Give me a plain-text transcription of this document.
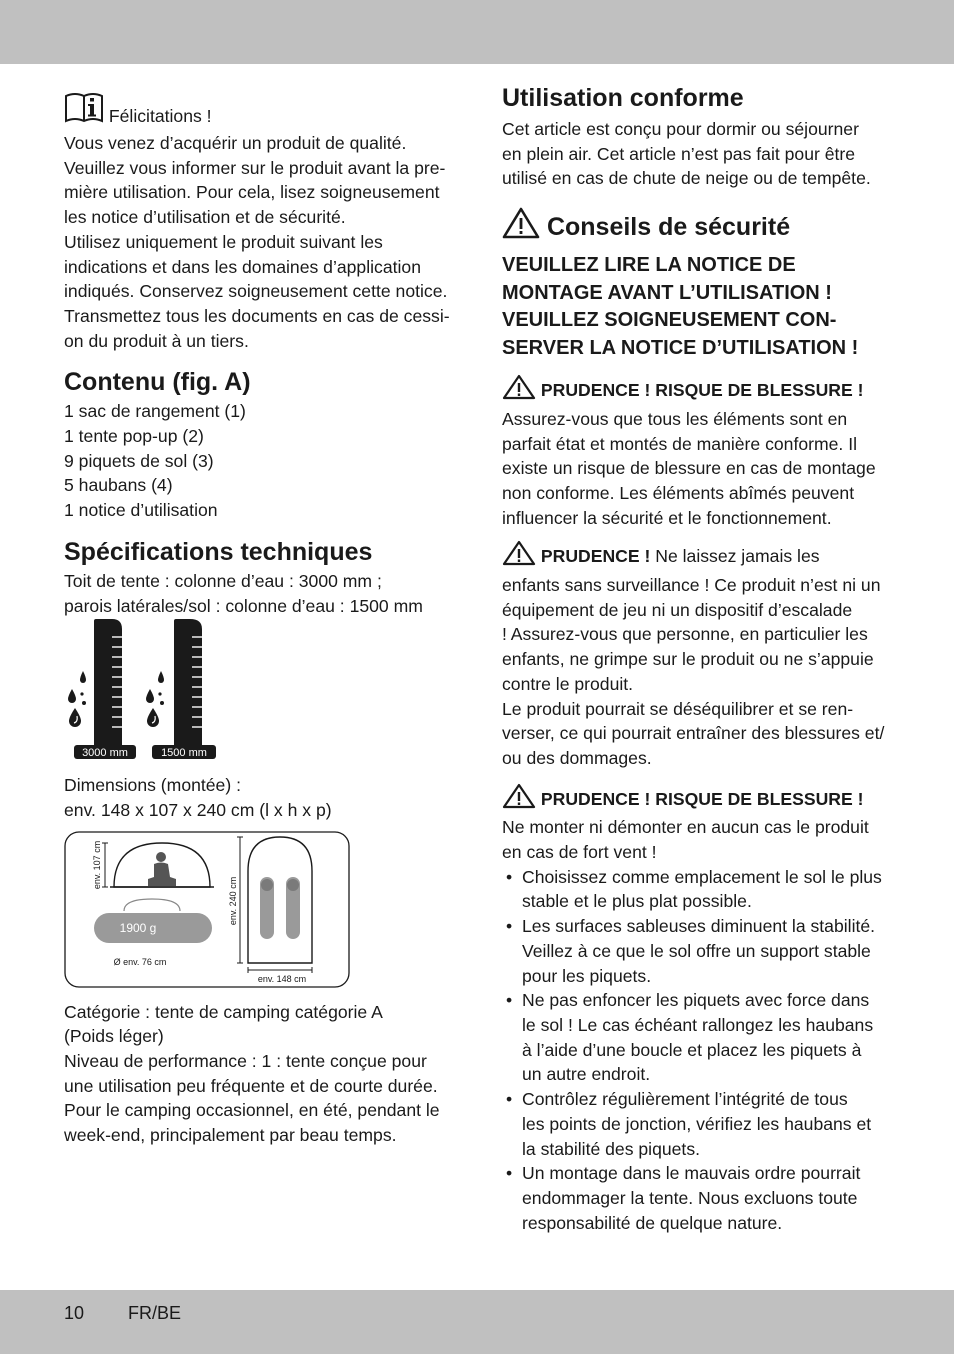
Félicitations !

Vous venez d’acquérir un produit de qualité.

Veuillez vous informer sur le produit avant la pre-

mière utilisation. Pour cela, lisez soigneusement

les notice d’utilisation et de sécurité.

Utilisez uniquement le produit suivant les

indications et dans les domaines d’application

indiqués. Conservez soigneusement cette notice.

Transmettez tous les documents en cas de cessi-

on du produit à un tiers.

Contenu (fig. A)

1 sac de rangement (1)

1 tente pop-up (2)

9 piquets de sol (3)

5 haubans (4)

1 notice d’utilisation

Spécifications techniques

Toit de tente : colonne d’eau : 3000 mm ;

parois latérales/sol : colonne d’eau : 1500 mm

3000 mm	1500 mm

Dimensions (montée) :

env. 148 x 107 x 240 cm (l x h x p)

env. 107 cm
1900 g
Ø env. 76 cm
env. 240 cm
env. 148 cm

Catégorie : tente de camping catégorie A

(Poids léger)

Niveau de performance : 1 : tente conçue pour

une utilisation peu fréquente et de courte durée.

Pour le camping occasionnel, en été, pendant le

week-end, principalement par beau temps.

Utilisation conforme

Cet article est conçu pour dormir ou séjourner

en plein air. Cet article n’est pas fait pour être

utilisé en cas de chute de neige ou de tempête.

Conseils de sécurité

VEUILLEZ LIRE LA NOTICE DE

MONTAGE AVANT L’UTILISATION !

VEUILLEZ SOIGNEUSEMENT CON-

SERVER LA NOTICE D’UTILISATION !

PRUDENCE ! RISQUE DE BLESSURE !

Assurez-vous que tous les éléments sont en

parfait état et montés de manière conforme. Il

existe un risque de blessure en cas de montage

non conforme. Les éléments abîmés peuvent

influencer la sécurité et le fonctionnement.

PRUDENCE ! Ne laissez jamais les

enfants sans surveillance ! Ce produit n’est ni un

équipement de jeu ni un dispositif d’escalade

! Assurez-vous que personne, en particulier les

enfants, ne grimpe sur le produit ou ne s’appuie

contre le produit.

Le produit pourrait se déséquilibrer et se ren-

verser, ce qui pourrait entraîner des blessures et/

ou des dommages.

PRUDENCE ! RISQUE DE BLESSURE !

Ne monter ni démonter en aucun cas le produit

en cas de fort vent !

• Choisissez comme emplacement le sol le plus
stable et le plus plat possible.
• Les surfaces sableuses diminuent la stabilité.
Veillez à ce que le sol offre un support stable
pour les piquets.
• Ne pas enfoncer les piquets avec force dans
le sol ! Le cas échéant rallongez les haubans
à l’aide d’une boucle et placez les piquets à
un autre endroit.
• Contrôlez régulièrement l’intégrité de tous
les points de jonction, vérifiez les haubans et
la stabilité des piquets.
• Un montage dans le mauvais ordre pourrait
endommager la tente. Nous excluons toute
responsabilité de quelque nature.
10 FR/BE
